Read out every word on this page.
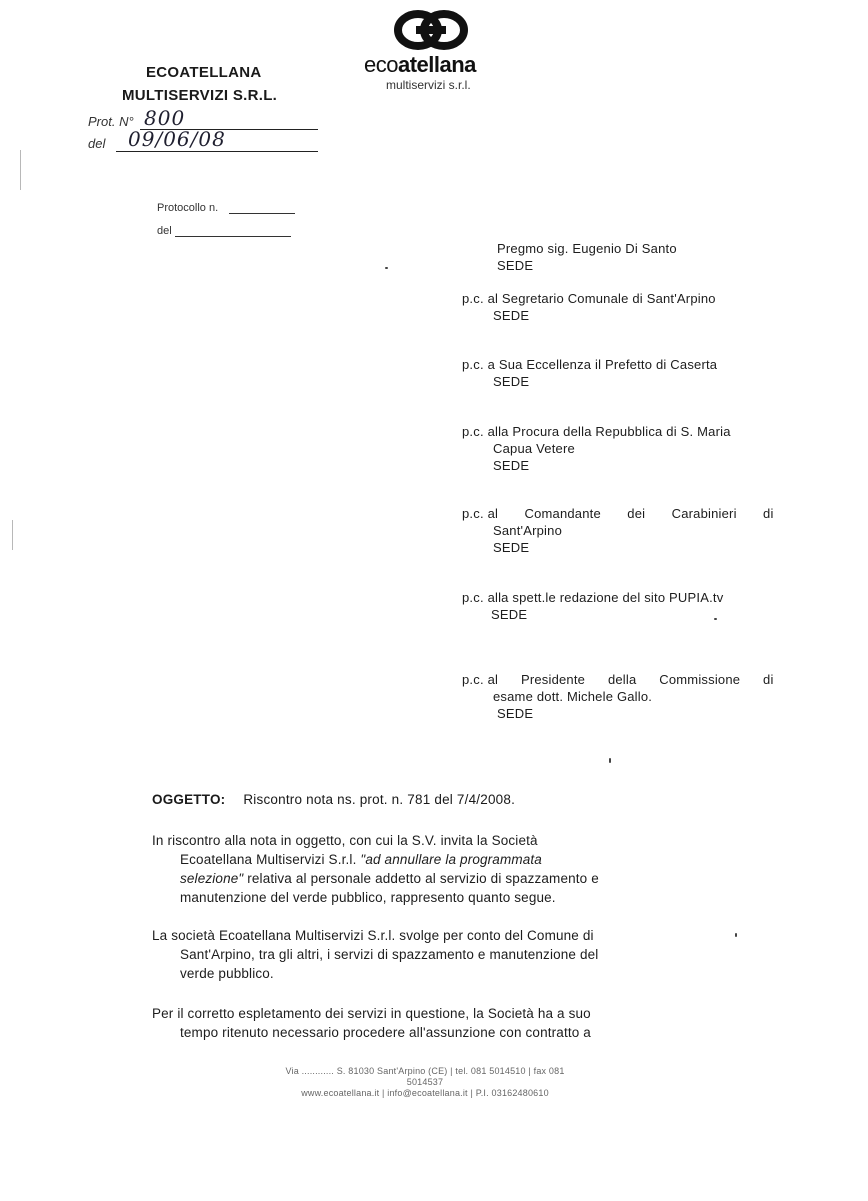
ecoatellana
multiservizi s.r.l.
ECOATELLANA
MULTISERVIZI S.R.L.
Prot. N° 800
del 09/06/08
Protocollo n.
del
Pregmo sig. Eugenio Di Santo
SEDE
p.c. al Segretario Comunale di Sant'Arpino
SEDE
p.c. a Sua Eccellenza il Prefetto di Caserta
SEDE
p.c. alla Procura della Repubblica di S. Maria
Capua Vetere
SEDE
p.c. al Comandante dei Carabinieri di
Sant'Arpino
SEDE
p.c. alla spett.le redazione del sito PUPIA.tv
SEDE
p.c. al Presidente della Commissione di
esame dott. Michele Gallo.
SEDE
OGGETTO: Riscontro nota ns. prot. n. 781 del 7/4/2008.
In riscontro alla nota in oggetto, con cui la S.V. invita la Società
Ecoatellana Multiservizi S.r.l. "ad annullare la programmata
selezione" relativa al personale addetto al servizio di spazzamento e
manutenzione del verde pubblico, rappresento quanto segue.
La società Ecoatellana Multiservizi S.r.l. svolge per conto del Comune di
Sant'Arpino, tra gli altri, i servizi di spazzamento e manutenzione del
verde pubblico.
Per il corretto espletamento dei servizi in questione, la Società ha a suo
tempo ritenuto necessario procedere all'assunzione con contratto a
Via ............ S. 81030 Sant'Arpino (CE) | tel. 081 5014510 | fax 081 5014537
www.ecoatellana.it | info@ecoatellana.it | P.I. 03162480610
